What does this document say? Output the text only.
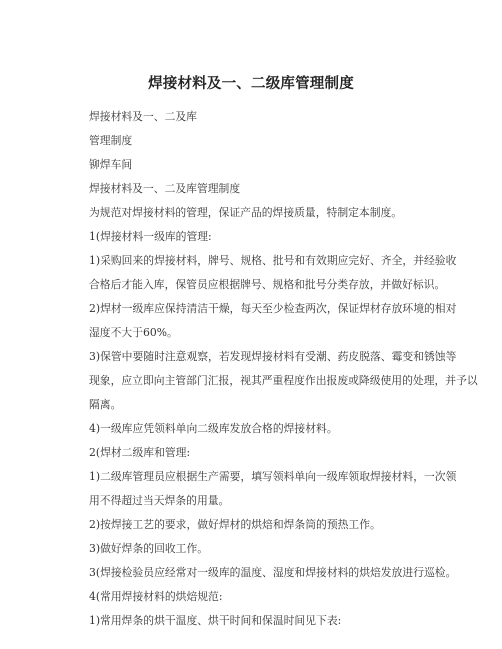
焊接材料及一、二级库管理制度

焊接材料及一、二及库

管理制度

铆焊车间

焊接材料及一、二及库管理制度

为规范对焊接材料的管理，保证产品的焊接质量，特制定本制度。

1(焊接材料一级库的管理:

1)采购回来的焊接材料，牌号、规格、批号和有效期应完好、齐全，并经验收
合格后才能入库，保管员应根据牌号、规格和批号分类存放，并做好标识。

2)焊材一级库应保持清洁干燥，每天至少检查两次，保证焊材存放环境的相对
湿度不大于60%。

3)保管中要随时注意观察，若发现焊接材料有受潮、药皮脱落、霉变和锈蚀等
现象，应立即向主管部门汇报，视其严重程度作出报废或降级使用的处理，并予以
隔离。

4)一级库应凭领料单向二级库发放合格的焊接材料。

2(焊材二级库和管理:

1)二级库管理员应根据生产需要，填写领料单向一级库领取焊接材料，一次领
用不得超过当天焊条的用量。

2)按焊接工艺的要求，做好焊材的烘焙和焊条筒的预热工作。

3)做好焊条的回收工作。

3(焊接检验员应经常对一级库的温度、湿度和焊接材料的烘焙发放进行巡检。

4(常用焊接材料的烘焙规范:

1)常用焊条的烘干温度、烘干时间和保温时间见下表:
